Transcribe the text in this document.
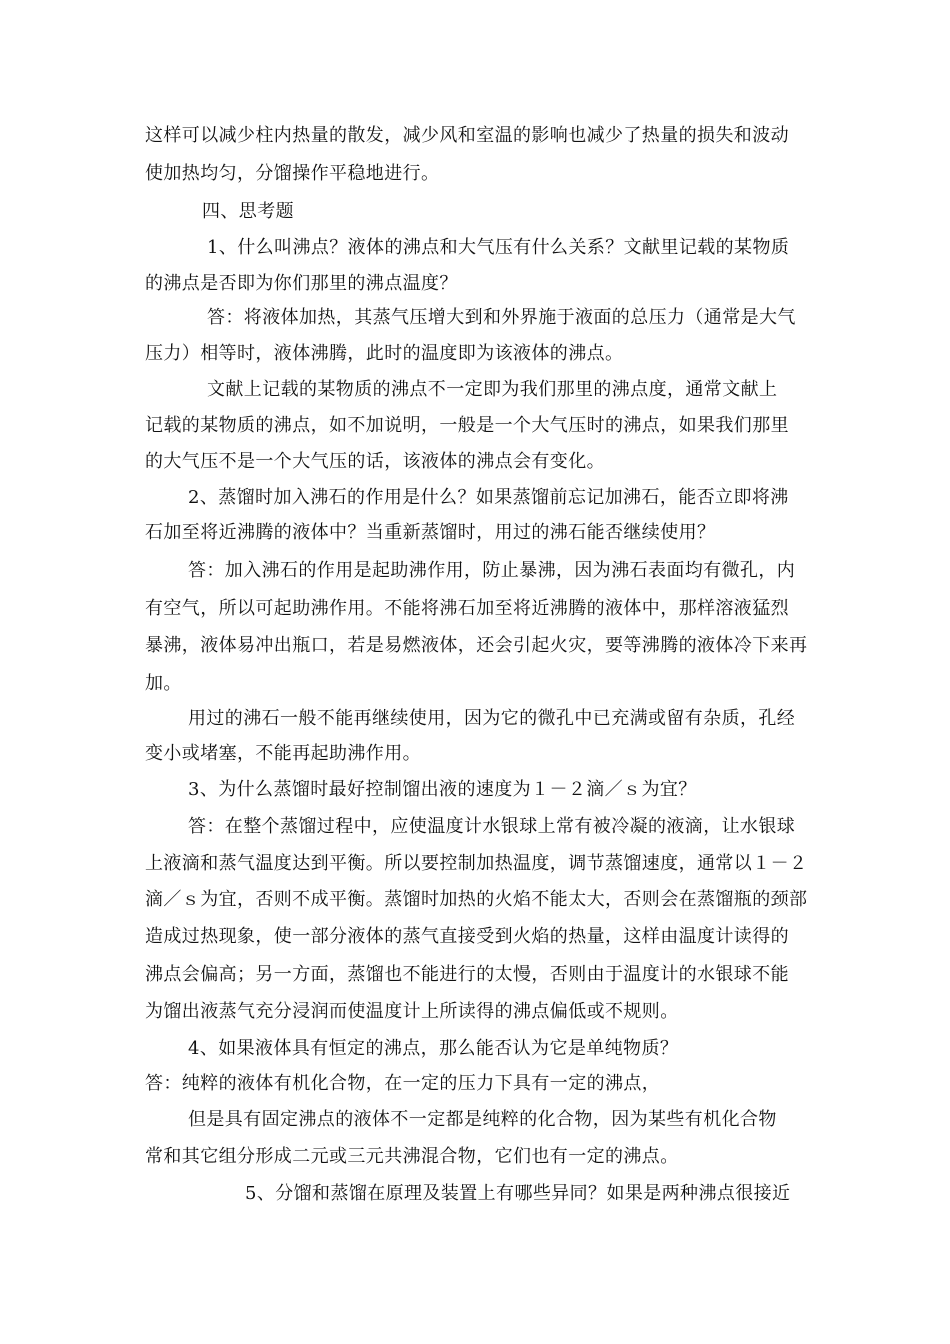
这样可以减少柱内热量的散发，减少风和室温的影响也减少了热量的损失和波动
使加热均匀，分馏操作平稳地进行。
四、思考题
1、什么叫沸点？液体的沸点和大气压有什么关系？文献里记载的某物质
的沸点是否即为你们那里的沸点温度？
答：将液体加热，其蒸气压增大到和外界施于液面的总压力（通常是大气
压力）相等时，液体沸腾，此时的温度即为该液体的沸点。
文献上记载的某物质的沸点不一定即为我们那里的沸点度，通常文献上
记载的某物质的沸点，如不加说明，一般是一个大气压时的沸点，如果我们那里
的大气压不是一个大气压的话，该液体的沸点会有变化。
2、蒸馏时加入沸石的作用是什么？如果蒸馏前忘记加沸石，能否立即将沸
石加至将近沸腾的液体中？当重新蒸馏时，用过的沸石能否继续使用？
答：加入沸石的作用是起助沸作用，防止暴沸，因为沸石表面均有微孔，内
有空气，所以可起助沸作用。不能将沸石加至将近沸腾的液体中，那样溶液猛烈
暴沸，液体易冲出瓶口，若是易燃液体，还会引起火灾，要等沸腾的液体冷下来再
加。
用过的沸石一般不能再继续使用，因为它的微孔中已充满或留有杂质，孔经
变小或堵塞，不能再起助沸作用。
3、为什么蒸馏时最好控制馏出液的速度为１－２滴／ｓ为宜？
答：在整个蒸馏过程中，应使温度计水银球上常有被冷凝的液滴，让水银球
上液滴和蒸气温度达到平衡。所以要控制加热温度，调节蒸馏速度，通常以１－２
滴／ｓ为宜，否则不成平衡。蒸馏时加热的火焰不能太大，否则会在蒸馏瓶的颈部
造成过热现象，使一部分液体的蒸气直接受到火焰的热量，这样由温度计读得的
沸点会偏高；另一方面，蒸馏也不能进行的太慢，否则由于温度计的水银球不能
为馏出液蒸气充分浸润而使温度计上所读得的沸点偏低或不规则。
4、如果液体具有恒定的沸点，那么能否认为它是单纯物质？
答：纯粹的液体有机化合物，在一定的压力下具有一定的沸点，
但是具有固定沸点的液体不一定都是纯粹的化合物，因为某些有机化合物
常和其它组分形成二元或三元共沸混合物，它们也有一定的沸点。
5、分馏和蒸馏在原理及装置上有哪些异同？如果是两种沸点很接近
